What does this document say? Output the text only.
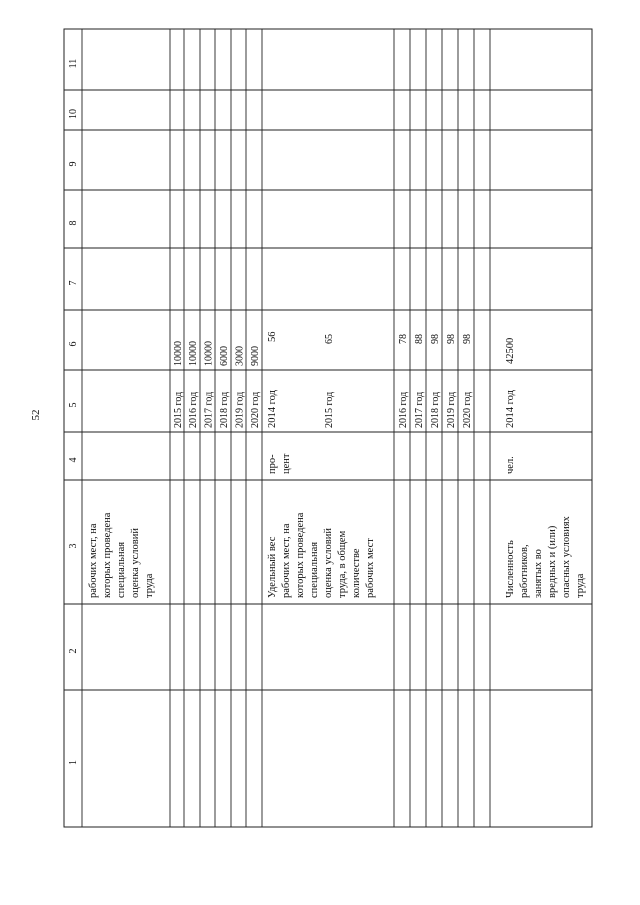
52
1
2
3
4
5
6
7
8
9
10
11
рабочих мест, на которых проведена специальная оценка условий труда
2015 год
10000
2016 год
10000
2017 год
10000
2018 год
6000
2019 год
3000
2020 год
9000
Удельный вес рабочих мест, на которых проведена специальная оценка условий труда, в общем количестве рабочих мест
про- цент
2014 год
56
2015 год
65
2016 год
78
2017 год
88
2018 год
98
2019 год
98
2020 год
98
Численность работников, занятых во вредных и (или) опасных условиях труда
чел.
2014 год
42500
